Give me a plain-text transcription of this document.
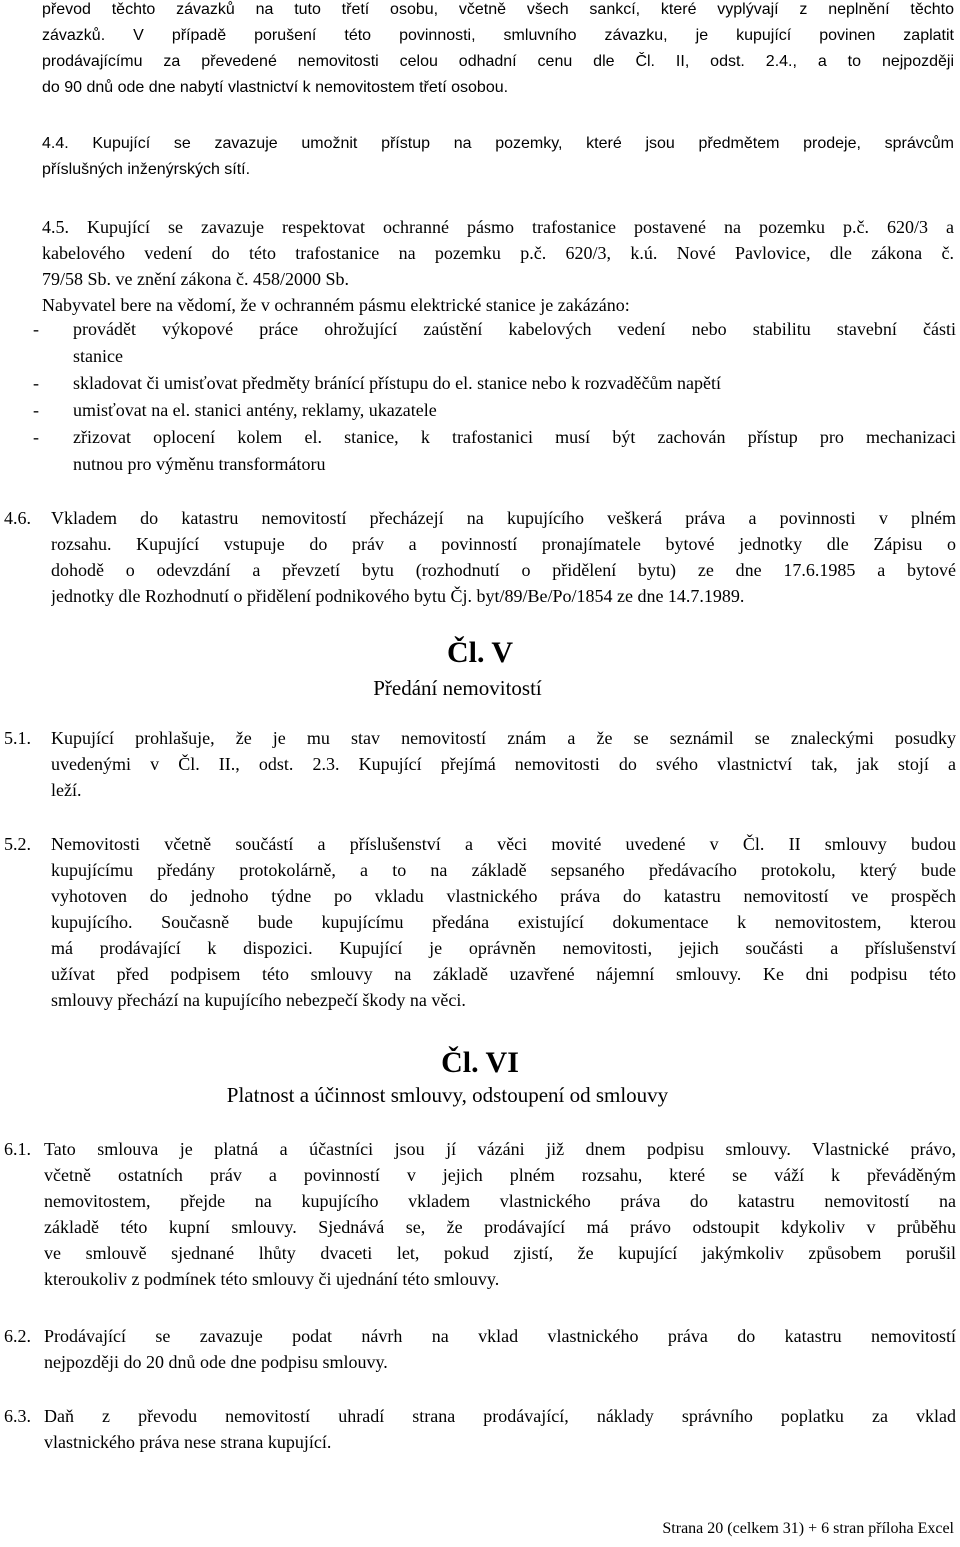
převod těchto závazků na tuto třetí osobu, včetně všech sankcí, které vyplývají z neplnění těchto
závazků. V případě porušení této povinnosti, smluvního závazku, je kupující povinen zaplatit
prodávajícímu za převedené nemovitosti celou odhadní cenu dle Čl. II, odst. 2.4., a to nejpozději
do 90 dnů ode dne nabytí vlastnictví k nemovitostem třetí osobou.
4.4. Kupující se zavazuje umožnit přístup na pozemky, které jsou předmětem prodeje, správcům
příslušných inženýrských sítí.
4.5. Kupující se zavazuje respektovat ochranné pásmo trafostanice postavené na pozemku p.č. 620/3 a
kabelového vedení do této trafostanice na pozemku p.č. 620/3, k.ú. Nové Pavlovice, dle zákona č.
79/58 Sb. ve znění zákona č. 458/2000 Sb.
Nabyvatel bere na vědomí, že v ochranném pásmu elektrické stanice je zakázáno:
-	provádět výkopové práce ohrožující zaústění kabelových vedení nebo stabilitu stavební části
stanice
-	skladovat či umisťovat předměty bránící přístupu do el. stanice nebo k rozvaděčům napětí
-	umisťovat na el. stanici antény, reklamy, ukazatele
-	zřizovat oplocení kolem el. stanice, k trafostanici musí být zachován přístup pro mechanizaci
nutnou pro výměnu transformátoru
4.6.	Vkladem do katastru nemovitostí přecházejí na kupujícího veškerá práva a povinnosti v plném
rozsahu. Kupující vstupuje do práv a povinností pronajímatele bytové jednotky dle Zápisu o
dohodě o odevzdání a převzetí bytu (rozhodnutí o přidělení bytu) ze dne 17.6.1985 a bytové
jednotky dle Rozhodnutí o přidělení podnikového bytu Čj. byt/89/Be/Po/1854 ze dne 14.7.1989.
Čl. V
Předání nemovitostí
5.1.	Kupující prohlašuje, že je mu stav nemovitostí znám a že se seznámil se znaleckými posudky
uvedenými v Čl. II., odst. 2.3. Kupující přejímá nemovitosti do svého vlastnictví tak, jak stojí a
leží.
5.2.	Nemovitosti včetně součástí a příslušenství a věci movité uvedené v Čl. II smlouvy budou
kupujícímu předány protokolárně, a to na základě sepsaného předávacího protokolu, který bude
vyhotoven do jednoho týdne po vkladu vlastnického práva do katastru nemovitostí ve prospěch
kupujícího. Současně bude kupujícímu předána existující dokumentace k nemovitostem, kterou
má prodávající k dispozici. Kupující je oprávněn nemovitosti, jejich součásti a příslušenství
užívat před podpisem této smlouvy na základě uzavřené nájemní smlouvy. Ke dni podpisu této
smlouvy přechází na kupujícího nebezpečí škody na věci.
Čl. VI
Platnost a účinnost smlouvy, odstoupení od smlouvy
6.1. Tato smlouva je platná a účastníci jsou jí vázáni již dnem podpisu smlouvy. Vlastnické právo,
včetně ostatních práv a povinností v jejich plném rozsahu, které se váží k převáděným
nemovitostem, přejde na kupujícího vkladem vlastnického práva do katastru nemovitostí na
základě této kupní smlouvy. Sjednává se, že prodávající má právo odstoupit kdykoliv v průběhu
ve smlouvě sjednané lhůty dvaceti let, pokud zjistí, že kupující jakýmkoliv způsobem porušil
kteroukoliv z podmínek této smlouvy či ujednání této smlouvy.
6.2. Prodávající se zavazuje podat návrh na vklad vlastnického práva do katastru nemovitostí
nejpozději do 20 dnů ode dne podpisu smlouvy.
6.3. Daň z převodu nemovitostí uhradí strana prodávající, náklady správního poplatku za vklad
vlastnického práva nese strana kupující.
Strana 20 (celkem 31) + 6 stran příloha Excel
